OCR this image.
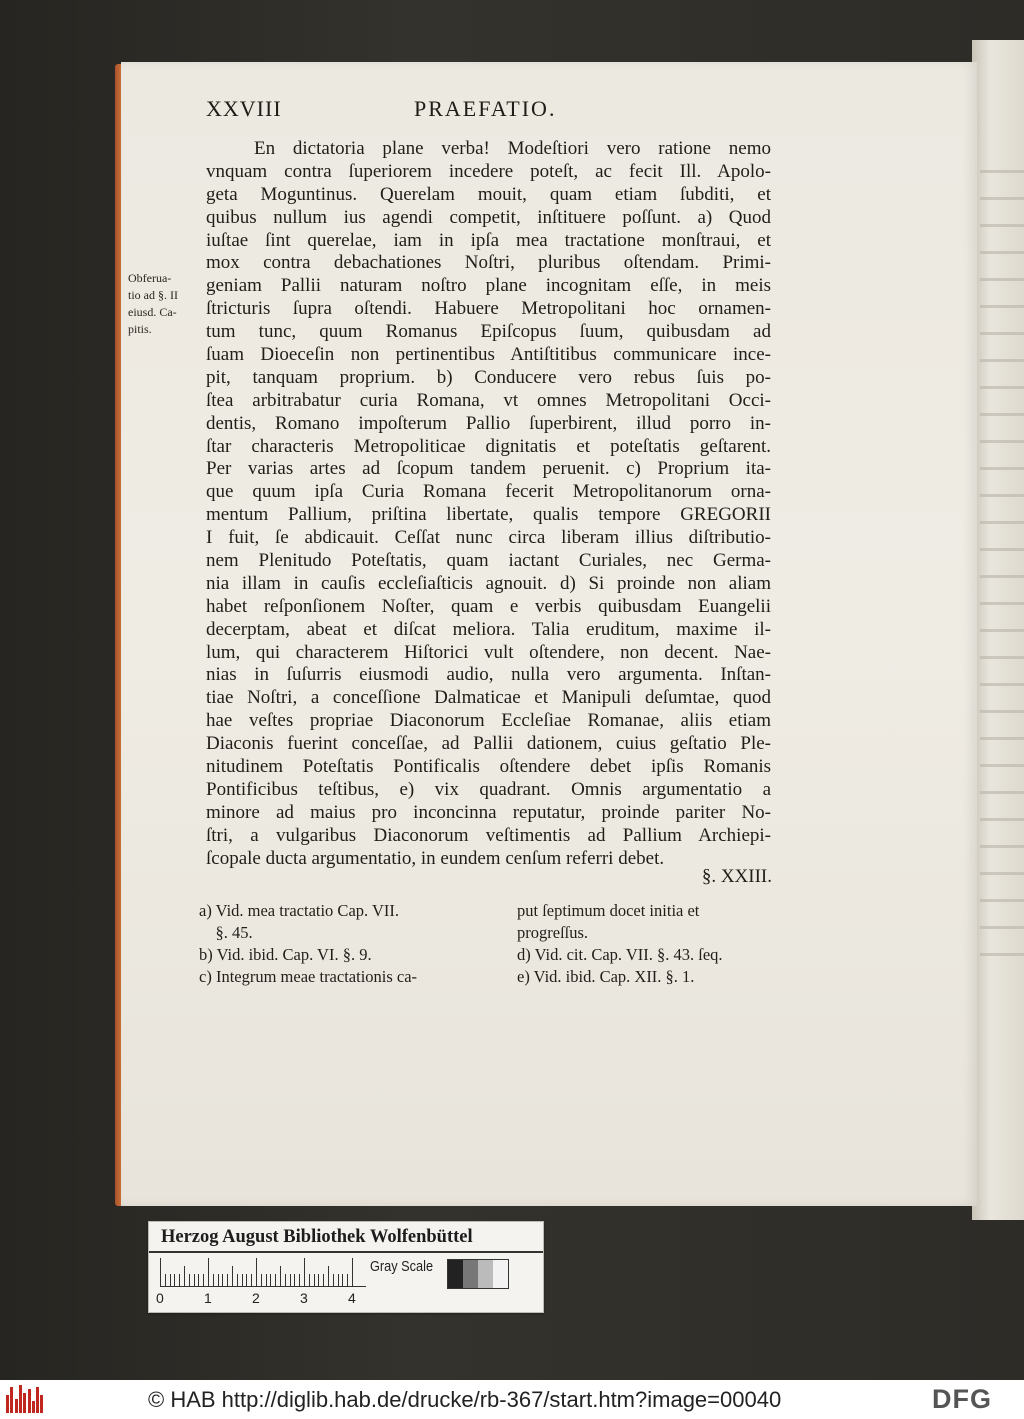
XXVIII	PRAEFATIO.
Obferua-
tio ad §. II
eiusd. Ca-
pitis.
En dictatoria plane verba! Modeſtiori vero ratione nemo
vnquam contra ſuperiorem incedere poteſt, ac fecit Ill. Apolo-
geta Moguntinus. Querelam mouit, quam etiam ſubditi, et
quibus nullum ius agendi competit, inſtituere poſſunt. a) Quod
iuſtae ſint querelae, iam in ipſa mea tractatione monſtraui, et
mox contra debachationes Noſtri, pluribus oſtendam. Primi-
geniam Pallii naturam noſtro plane incognitam eſſe, in meis
ſtricturis ſupra oſtendi. Habuere Metropolitani hoc ornamen-
tum tunc, quum Romanus Epiſcopus ſuum, quibusdam ad
ſuam Dioeceſin non pertinentibus Antiſtitibus communicare ince-
pit, tanquam proprium. b) Conducere vero rebus ſuis po-
ſtea arbitrabatur curia Romana, vt omnes Metropolitani Occi-
dentis, Romano impoſterum Pallio ſuperbirent, illud porro in-
ſtar characteris Metropoliticae dignitatis et poteſtatis geſtarent.
Per varias artes ad ſcopum tandem peruenit. c) Proprium ita-
que quum ipſa Curia Romana fecerit Metropolitanorum orna-
mentum Pallium, priſtina libertate, qualis tempore GREGORII
I fuit, ſe abdicauit. Ceſſat nunc circa liberam illius diſtributio-
nem Plenitudo Poteſtatis, quam iactant Curiales, nec Germa-
nia illam in cauſis eccleſiaſticis agnouit. d) Si proinde non aliam
habet reſponſionem Noſter, quam e verbis quibusdam Euangelii
decerptam, abeat et diſcat meliora. Talia eruditum, maxime il-
lum, qui characterem Hiſtorici vult oſtendere, non decent. Nae-
nias in ſuſurris eiusmodi audio, nulla vero argumenta. Inſtan-
tiae Noſtri, a conceſſione Dalmaticae et Manipuli deſumtae, quod
hae veſtes propriae Diaconorum Eccleſiae Romanae, aliis etiam
Diaconis fuerint conceſſae, ad Pallii dationem, cuius geſtatio Ple-
nitudinem Poteſtatis Pontificalis oſtendere debet ipſis Romanis
Pontificibus teſtibus, e) vix quadrant. Omnis argumentatio a
minore ad maius pro inconcinna reputatur, proinde pariter No-
ſtri, a vulgaribus Diaconorum veſtimentis ad Pallium Archiepi-
ſcopale ducta argumentatio, in eundem cenſum referri debet.
§. XXIII.
a) Vid. mea tractatio Cap. VII.
§. 45.
b) Vid. ibid. Cap. VI. §. 9.
c) Integrum meae tractationis ca-
put ſeptimum docet initia et
progreſſus.
d) Vid. cit. Cap. VII. §. 43. ſeq.
e) Vid. ibid. Cap. XII. §. 1.
Herzog August Bibliothek Wolfenbüttel
0	1	2	3	4
Gray Scale
© HAB http://diglib.hab.de/drucke/rb-367/start.htm?image=00040	DFG
